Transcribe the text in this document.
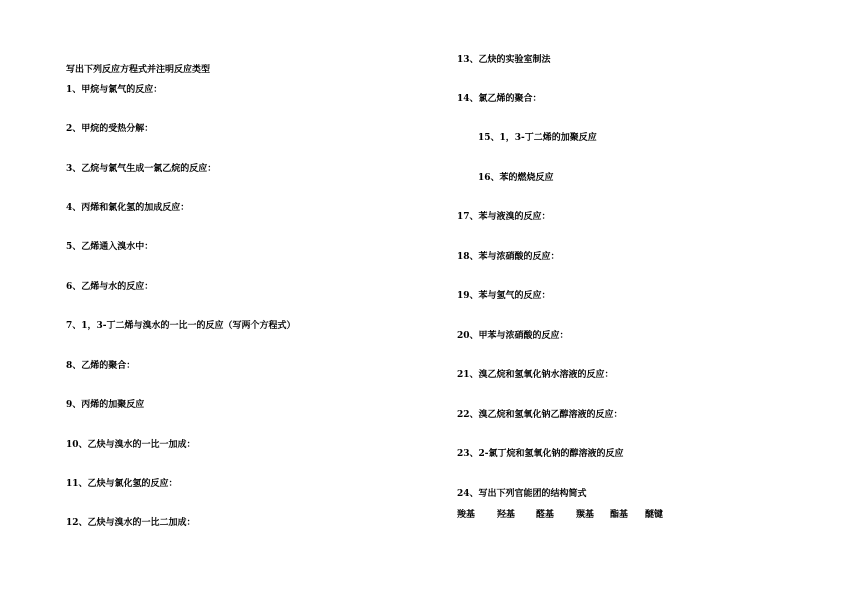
写出下列反应方程式并注明反应类型
1、甲烷与氯气的反应：
2、甲烷的受热分解：
3、乙烷与氯气生成一氯乙烷的反应：
4、丙烯和氯化氢的加成反应：
5、乙烯通入溴水中：
6、乙烯与水的反应：
7、1，3-丁二烯与溴水的一比一的反应（写两个方程式）
8、乙烯的聚合：
9、丙烯的加聚反应
10、乙炔与溴水的一比一加成：
11、乙炔与氯化氢的反应：
12、乙炔与溴水的一比二加成：
13、乙炔的实验室制法
14、氯乙烯的聚合：
15、1，3-丁二烯的加聚反应
16、苯的燃烧反应
17、苯与液溴的反应：
18、苯与浓硝酸的反应：
19、苯与氢气的反应：
20、甲苯与浓硝酸的反应：
21、溴乙烷和氢氧化钠水溶液的反应：
22、溴乙烷和氢氧化钠乙醇溶液的反应：
23、2-氯丁烷和氢氧化钠的醇溶液的反应
24、写出下列官能团的结构简式
羧基 羟基 醛基 羰基 酯基 醚键
